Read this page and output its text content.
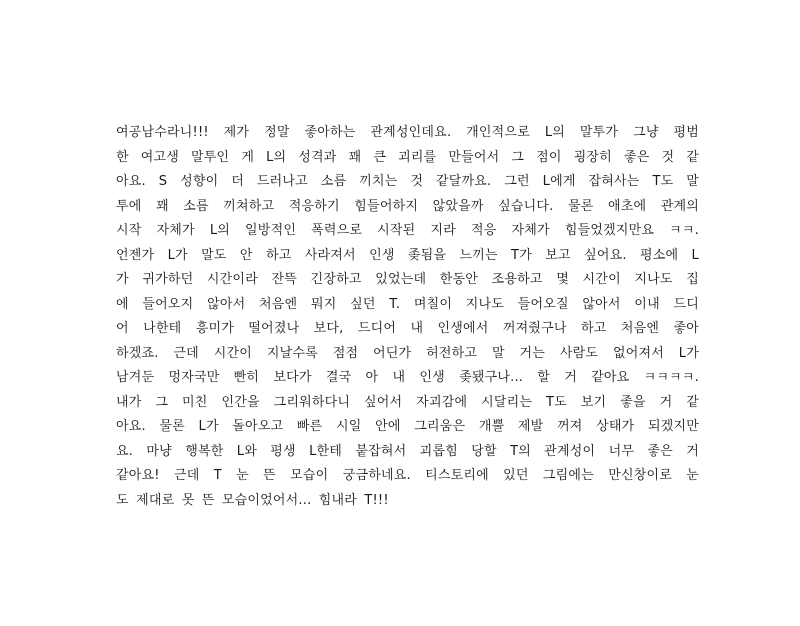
여공남수라니!!! 제가 정말 좋아하는 관계성인데요. 개인적으로 L의 말투가 그냥 평범
한 여고생 말투인 게 L의 성격과 꽤 큰 괴리를 만들어서 그 점이 굉장히 좋은 것 같
아요. S 성향이 더 드러나고 소름 끼치는 것 같달까요. 그런 L에게 잡혀사는 T도 말
투에 꽤 소름 끼쳐하고 적응하기 힘들어하지 않았을까 싶습니다. 물론 애초에 관계의
시작 자체가 L의 일방적인 폭력으로 시작된 지라 적응 자체가 힘들었겠지만요 ㅋㅋ.
언젠가 L가 말도 안 하고 사라져서 인생 좆됨을 느끼는 T가 보고 싶어요. 평소에 L
가 귀가하던 시간이라 잔뜩 긴장하고 있었는데 한동안 조용하고 몇 시간이 지나도 집
에 들어오지 않아서 처음엔 뭐지 싶던 T. 며칠이 지나도 들어오질 않아서 이내 드디
어 나한테 흥미가 떨어졌나 보다, 드디어 내 인생에서 꺼져줬구나 하고 처음엔 좋아
하겠죠. 근데 시간이 지날수록 점점 어딘가 허전하고 말 거는 사람도 없어져서 L가
남겨둔 멍자국만 빤히 보다가 결국 아 내 인생 좆됐구나... 할 거 같아요 ㅋㅋㅋㅋ.
내가 그 미친 인간을 그리워하다니 싶어서 자괴감에 시달리는 T도 보기 좋을 거 같
아요. 물론 L가 돌아오고 빠른 시일 안에 그리움은 개뿔 제발 꺼져 상태가 되겠지만
요. 마냥 행복한 L와 평생 L한테 붙잡혀서 괴롭힘 당할 T의 관계성이 너무 좋은 거
같아요! 근데 T 눈 뜬 모습이 궁금하네요. 티스토리에 있던 그림에는 만신창이로 눈
도 제대로 못 뜬 모습이었어서... 힘내라 T!!!
